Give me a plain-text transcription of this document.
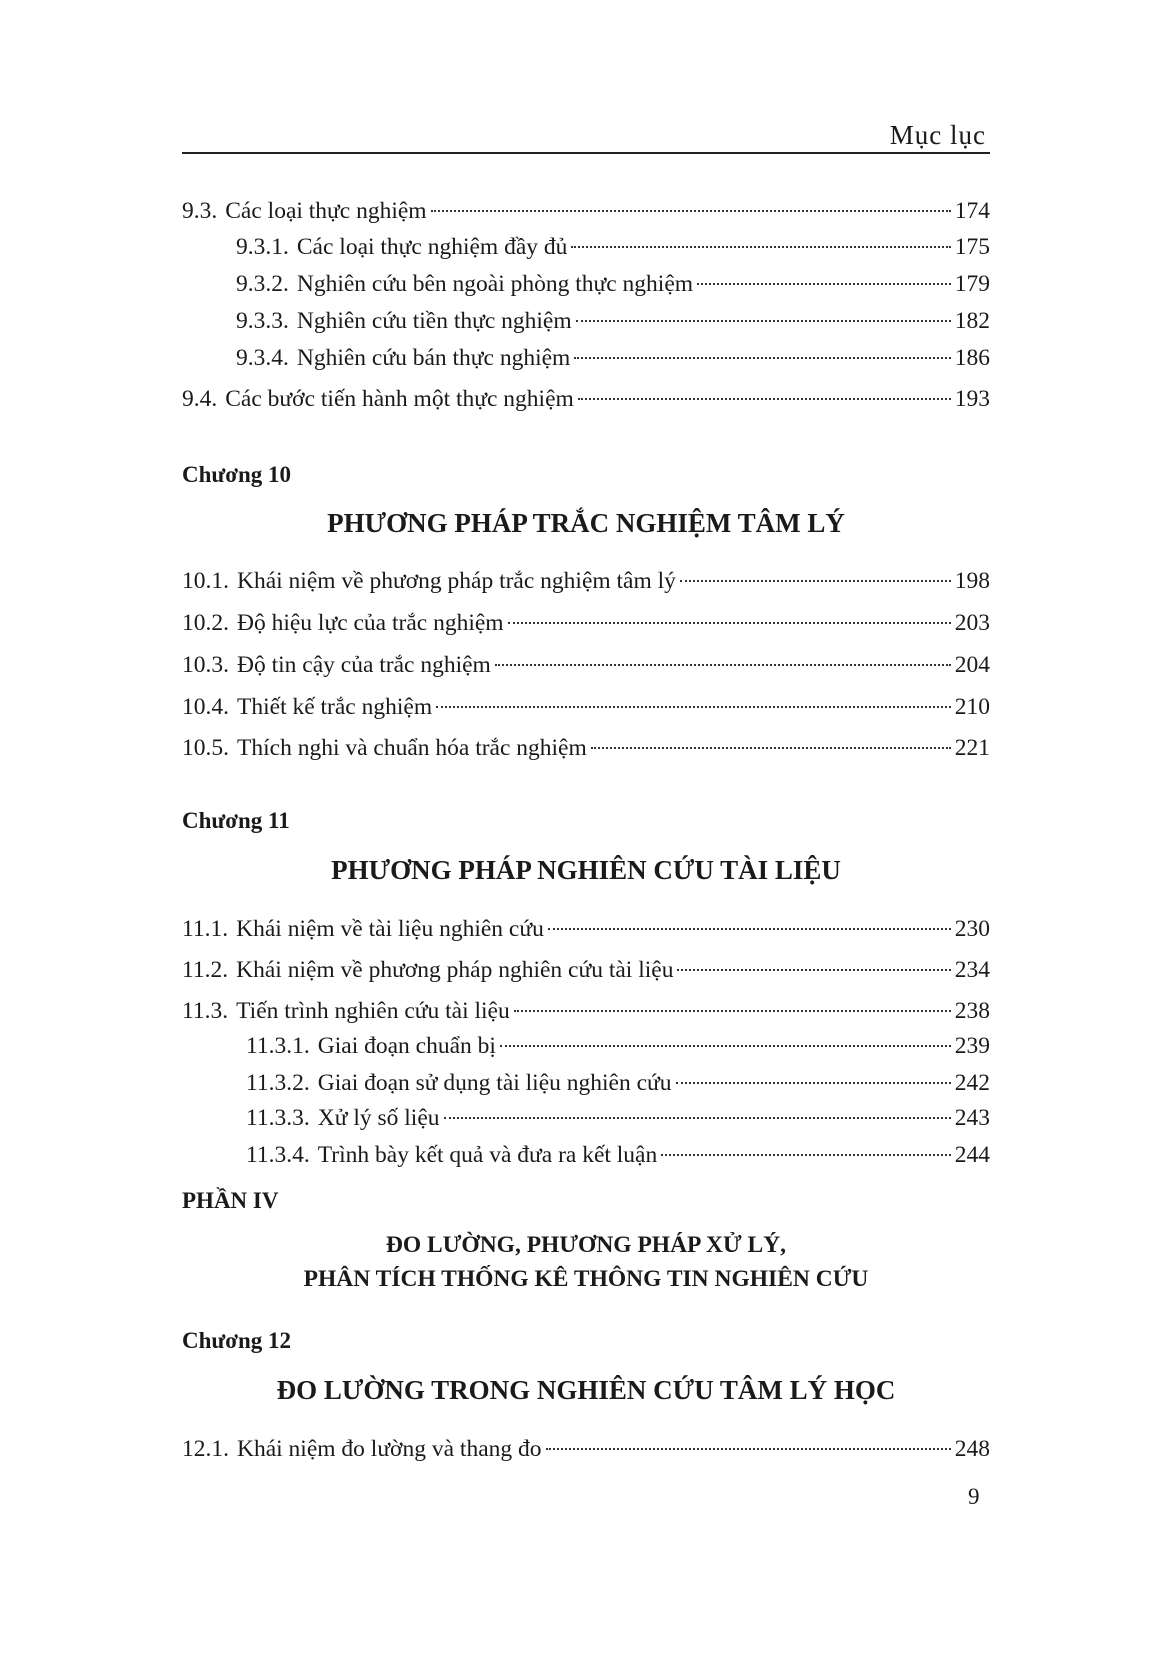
Mục lục
9.3. Các loại thực nghiệm	174
9.3.1. Các loại thực nghiệm đầy đủ	175
9.3.2. Nghiên cứu bên ngoài phòng thực nghiệm	179
9.3.3. Nghiên cứu tiền thực nghiệm	182
9.3.4. Nghiên cứu bán thực nghiệm	186
9.4. Các bước tiến hành một thực nghiệm	193
Chương 10
PHƯƠNG PHÁP TRẮC NGHIỆM TÂM LÝ
10.1. Khái niệm về phương pháp trắc nghiệm tâm lý	198
10.2. Độ hiệu lực của trắc nghiệm	203
10.3. Độ tin cậy của trắc nghiệm	204
10.4. Thiết kế trắc nghiệm	210
10.5. Thích nghi và chuẩn hóa trắc nghiệm	221
Chương 11
PHƯƠNG PHÁP NGHIÊN CỨU TÀI LIỆU
11.1. Khái niệm về tài liệu nghiên cứu	230
11.2. Khái niệm về phương pháp nghiên cứu tài liệu	234
11.3. Tiến trình nghiên cứu tài liệu	238
11.3.1. Giai đoạn chuẩn bị	239
11.3.2. Giai đoạn sử dụng tài liệu nghiên cứu	242
11.3.3. Xử lý số liệu	243
11.3.4. Trình bày kết quả và đưa ra kết luận	244
PHẦN IV
ĐO LƯỜNG, PHƯƠNG PHÁP XỬ LÝ,
PHÂN TÍCH THỐNG KÊ THÔNG TIN NGHIÊN CỨU
Chương 12
ĐO LƯỜNG TRONG NGHIÊN CỨU TÂM LÝ HỌC
12.1. Khái niệm đo lường và thang đo	248
9
